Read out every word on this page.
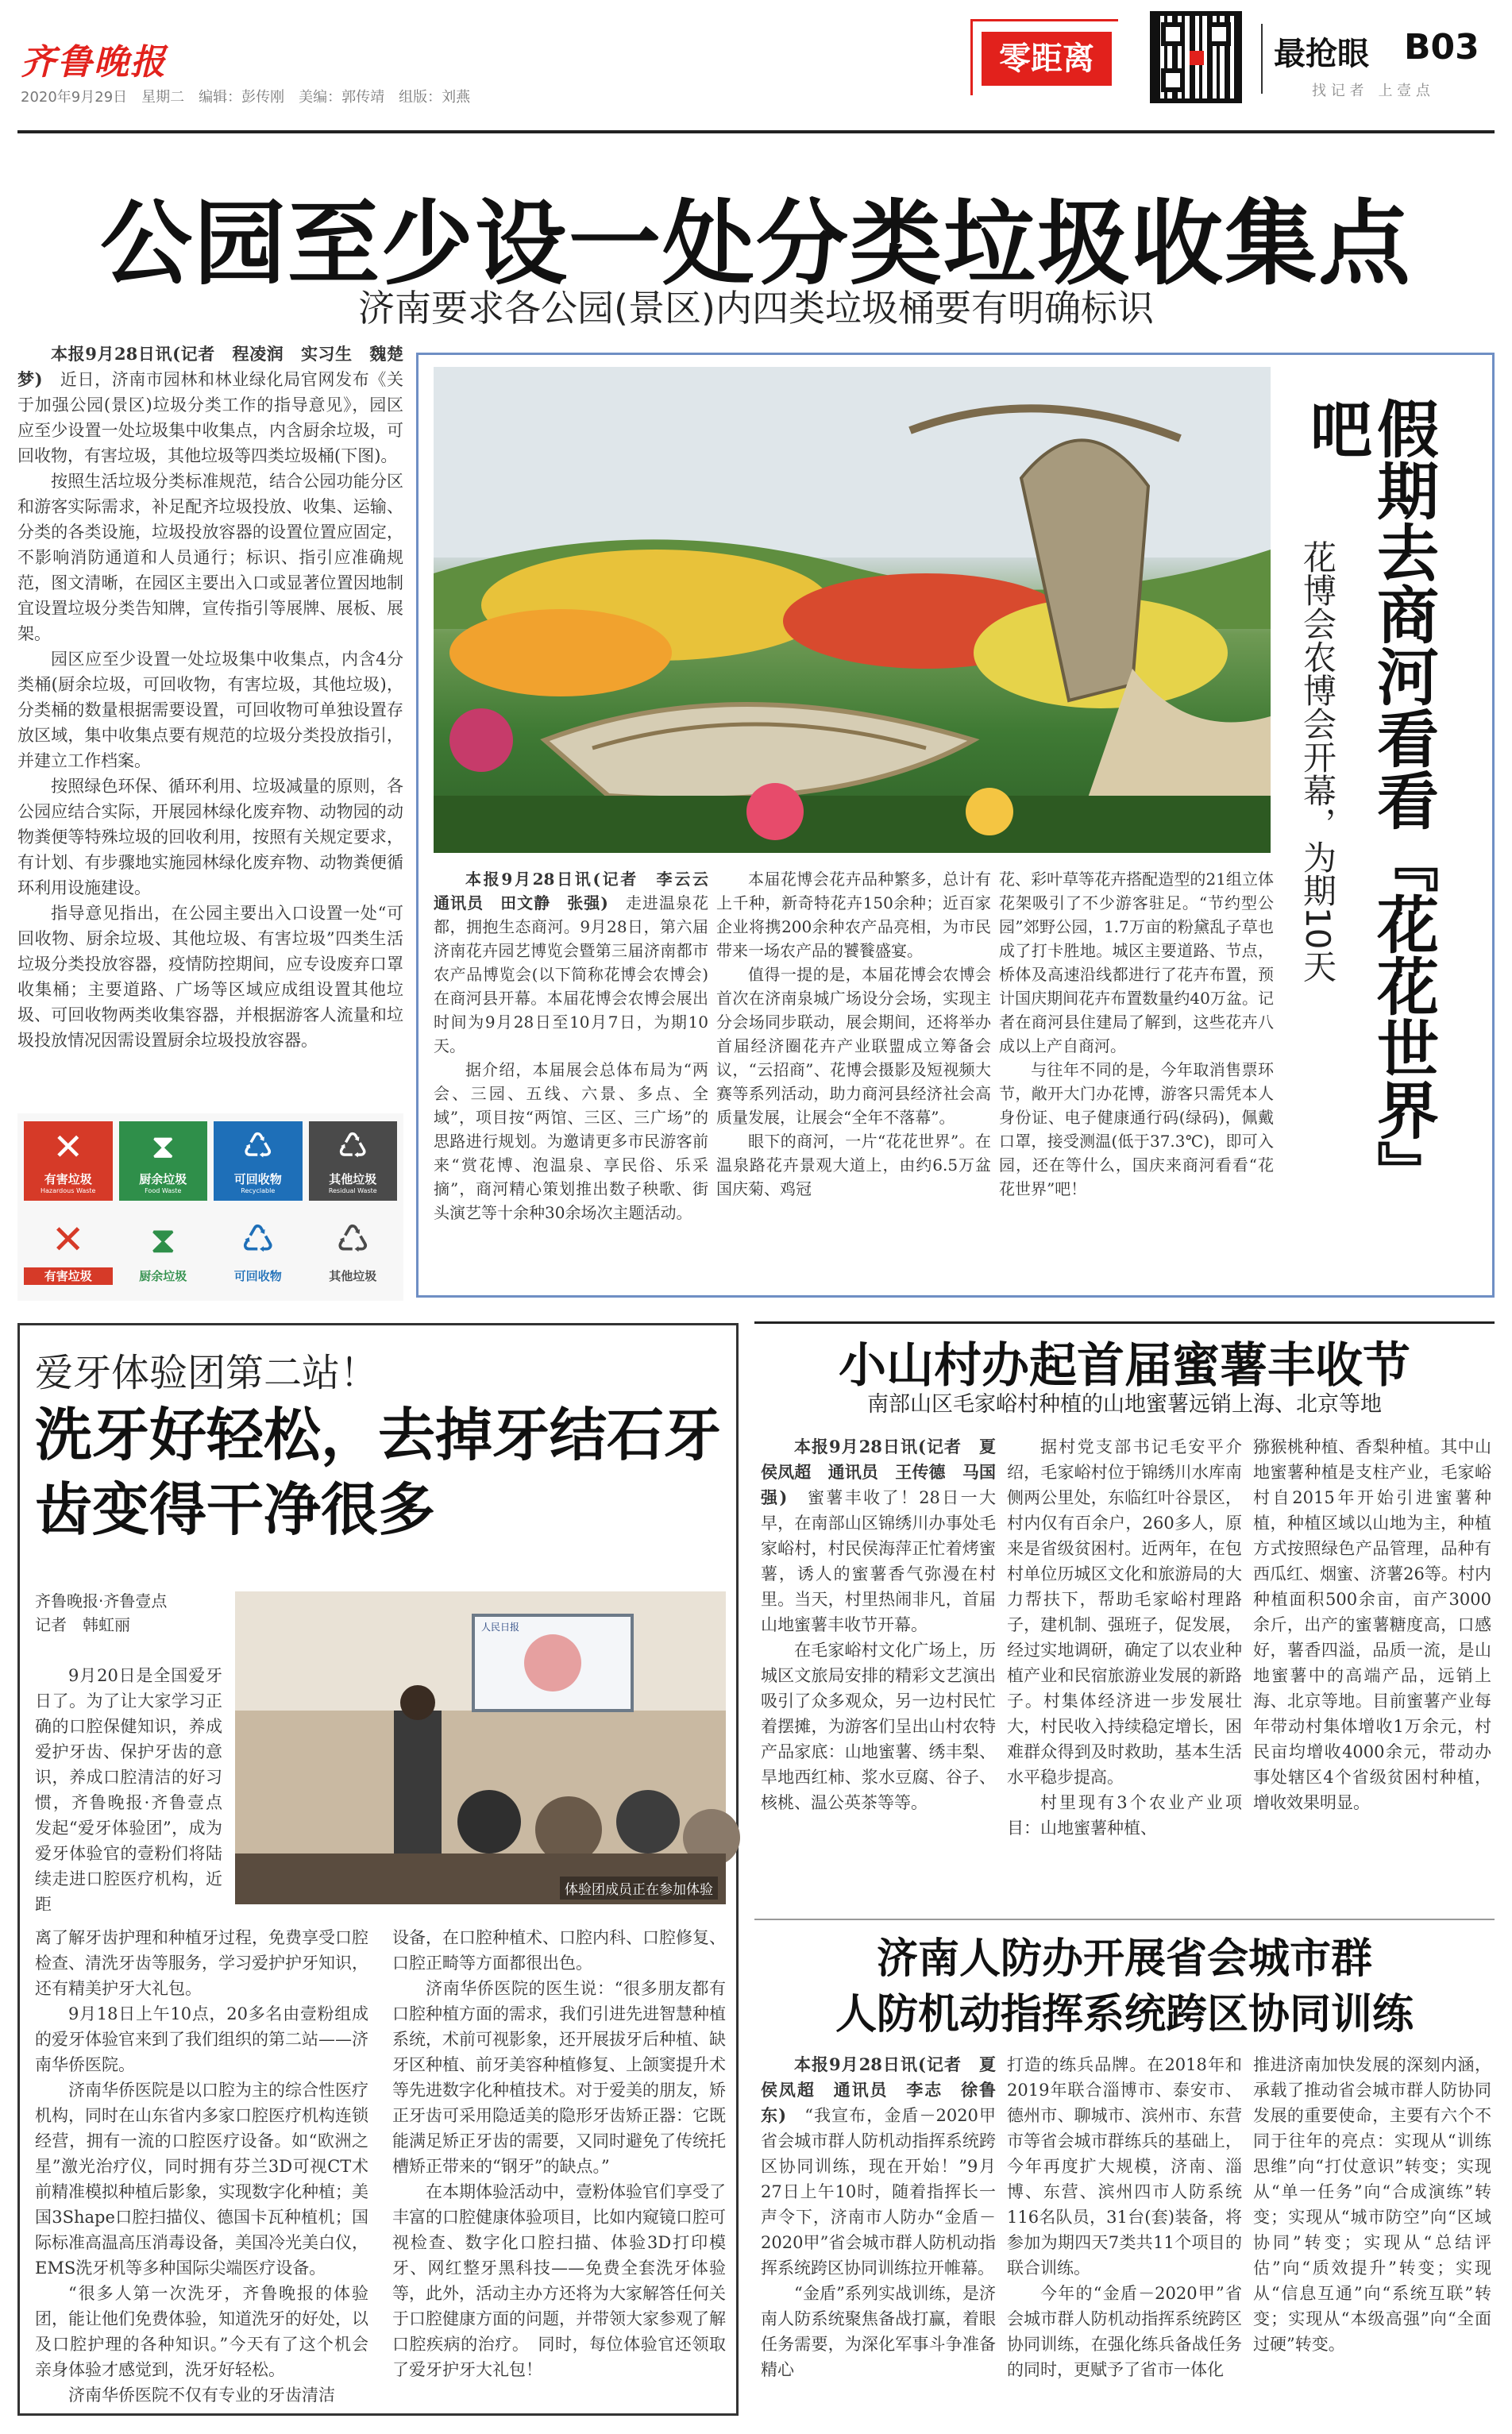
齐鲁晚报
2020年9月29日　星期二　编辑：彭传刚　美编：郭传靖　组版：刘燕
零距离	最抢眼 B03
找 记 者　上 壹 点
公园至少设一处分类垃圾收集点
济南要求各公园(景区)内四类垃圾桶要有明确标识

本报9月28日讯(记者　程凌润　实习生　魏楚梦)　 近日，济南市园林和林业绿化局官网发布《关于加强公园(景区)垃圾分类工作的指导意见》，园区应至少设置一处垃圾集中收集点，内含厨余垃圾，可回收物，有害垃圾，其他垃圾等四类垃圾桶(下图)。

按照生活垃圾分类标准规范，结合公园功能分区和游客实际需求，补足配齐垃圾投放、收集、运输、分类的各类设施，垃圾投放容器的设置位置应固定，不影响消防通道和人员通行；标识、指引应准确规范，图文清晰，在园区主要出入口或显著位置因地制宜设置垃圾分类告知牌，宣传指引等展牌、展板、展架。

园区应至少设置一处垃圾集中收集点，内含4分类桶(厨余垃圾，可回收物，有害垃圾，其他垃圾)，分类桶的数量根据需要设置，可回收物可单独设置存放区域，集中收集点要有规范的垃圾分类投放指引，并建立工作档案。

按照绿色环保、循环利用、垃圾减量的原则，各公园应结合实际，开展园林绿化废弃物、动物园的动物粪便等特殊垃圾的回收利用，按照有关规定要求，有计划、有步骤地实施园林绿化废弃物、动物粪便循环利用设施建设。

指导意见指出，在公园主要出入口设置一处“可回收物、厨余垃圾、其他垃圾、有害垃圾”四类生活垃圾分类投放容器，疫情防控期间，应专设废弃口罩收集桶；主要道路、广场等区域应成组设置其他垃圾、可回收物两类收集容器，并根据游客人流量和垃圾投放情况因需设置厨余垃圾投放容器。

✕
有害垃圾
Hazardous Waste
⧗
厨余垃圾
Food Waste
♺
可回收物
Recyclable
♺
其他垃圾
Residual Waste
✕
有害垃圾
⧗
厨余垃圾
♺
可回收物
♺
其他垃圾
假期去商河看看『花花世界』吧
花博会农博会开幕，为期10天

本报9月28日讯(记者　李云云　通讯员　田文静　张强)　 走进温泉花都，拥抱生态商河。9月28日，第六届济南花卉园艺博览会暨第三届济南都市农产品博览会(以下简称花博会农博会)在商河县开幕。本届花博会农博会展出时间为9月28日至10月7日，为期10天。

据介绍，本届展会总体布局为“两会、三园、五线、六景、多点、全域”，项目按“两馆、三区、三广场”的思路进行规划。为邀请更多市民游客前来“赏花博、泡温泉、享民俗、乐采摘”，商河精心策划推出数子秧歌、街头演艺等十余种30余场次主题活动。

本届花博会花卉品种繁多，总计有上千种，新奇特花卉150余种；近百家企业将携200余种农产品亮相，为市民带来一场农产品的饕餮盛宴。

值得一提的是，本届花博会农博会首次在济南泉城广场设分会场，实现主分会场同步联动，展会期间，还将举办首届经济圈花卉产业联盟成立筹备会议，“云招商”、花博会摄影及短视频大赛等系列活动，助力商河县经济社会高质量发展，让展会“全年不落幕”。

眼下的商河，一片“花花世界”。在温泉路花卉景观大道上，由约6.5万盆国庆菊、鸡冠

花、彩叶草等花卉搭配造型的21组立体花架吸引了不少游客驻足。“节约型公园”郊野公园，1.7万亩的粉黛乱子草也成了打卡胜地。城区主要道路、节点，桥体及高速沿线都进行了花卉布置，预计国庆期间花卉布置数量约40万盆。记者在商河县住建局了解到，这些花卉八成以上产自商河。

与往年不同的是，今年取消售票环节，敞开大门办花博，游客只需凭本人身份证、电子健康通行码(绿码)，佩戴口罩，接受测温(低于37.3℃)，即可入园，还在等什么，国庆来商河看看“花花世界”吧！

爱牙体验团第二站！
洗牙好轻松，去掉牙结石牙齿变得干净很多
齐鲁晚报·齐鲁壹点
记者　韩虹丽

9月20日是全国爱牙日了。为了让大家学习正确的口腔保健知识，养成爱护牙齿、保护牙齿的意识，养成口腔清洁的好习惯，齐鲁晚报·齐鲁壹点发起“爱牙体验团”，成为爱牙体验官的壹粉们将陆续走进口腔医疗机构，近距

人民日报
体验团成员正在参加体验

离了解牙齿护理和种植牙过程，免费享受口腔检查、清洗牙齿等服务，学习爱护护牙知识，还有精美护牙大礼包。

9月18日上午10点，20多名由壹粉组成的爱牙体验官来到了我们组织的第二站——济南华侨医院。

济南华侨医院是以口腔为主的综合性医疗机构，同时在山东省内多家口腔医疗机构连锁经营，拥有一流的口腔医疗设备。如“欧洲之星”激光治疗仪，同时拥有芬兰3D可视CT术前精准模拟种植后影象，实现数字化种植；美国3Shape口腔扫描仪、德国卡瓦种植机；国际标准高温高压消毒设备，美国冷光美白仪，EMS洗牙机等多种国际尖端医疗设备。

“很多人第一次洗牙，齐鲁晚报的体验团，能让他们免费体验，知道洗牙的好处，以及口腔护理的各种知识。”今天有了这个机会亲身体验才感觉到，洗牙好轻松。

济南华侨医院不仅有专业的牙齿清洁

设备，在口腔种植术、口腔内科、口腔修复、口腔正畸等方面都很出色。

济南华侨医院的医生说：“很多朋友都有口腔种植方面的需求，我们引进先进智慧种植系统，术前可视影象，还开展拔牙后种植、缺牙区种植、前牙美容种植修复、上颌窦提升术等先进数字化种植技术。对于爱美的朋友，矫正牙齿可采用隐适美的隐形牙齿矫正器：它既能满足矫正牙齿的需要，又同时避免了传统托槽矫正带来的“钢牙”的缺点。”

在本期体验活动中，壹粉体验官们享受了丰富的口腔健康体验项目，比如内窥镜口腔可视检查、数字化口腔扫描、体验3D打印模牙、网红整牙黑科技——免费全套洗牙体验等，此外，活动主办方还将为大家解答任何关于口腔健康方面的问题，并带领大家参观了解口腔疾病的治疗。　同时，每位体验官还领取了爱牙护牙大礼包！

小山村办起首届蜜薯丰收节
南部山区毛家峪村种植的山地蜜薯远销上海、北京等地

本报9月28日讯(记者　夏侯凤超　通讯员　王传德　马国强)　 蜜薯丰收了！28日一大早，在南部山区锦绣川办事处毛家峪村，村民侯海萍正忙着烤蜜薯，诱人的蜜薯香气弥漫在村里。当天，村里热闹非凡，首届山地蜜薯丰收节开幕。

在毛家峪村文化广场上，历城区文旅局安排的精彩文艺演出吸引了众多观众，另一边村民忙着摆摊，为游客们呈出山村农特产品家底：山地蜜薯、绣丰梨、旱地西红柿、浆水豆腐、谷子、核桃、温公英茶等等。

据村党支部书记毛安平介绍，毛家峪村位于锦绣川水库南侧两公里处，东临红叶谷景区，村内仅有百余户，260多人，原来是省级贫困村。近两年，在包村单位历城区文化和旅游局的大力帮扶下，帮助毛家峪村理路子，建机制、强班子，促发展，经过实地调研，确定了以农业种植产业和民宿旅游业发展的新路子。村集体经济进一步发展壮大，村民收入持续稳定增长，困难群众得到及时救助，基本生活水平稳步提高。

村里现有3个农业产业项目：山地蜜薯种植、

猕猴桃种植、香梨种植。其中山地蜜薯种植是支柱产业，毛家峪村自2015年开始引进蜜薯种植，种植区域以山地为主，种植方式按照绿色产品管理，品种有西瓜红、烟蜜、济薯26等。村内种植面积500余亩，亩产3000余斤，出产的蜜薯糖度高，口感好，薯香四溢，品质一流，是山地蜜薯中的高端产品，远销上海、北京等地。目前蜜薯产业每年带动村集体增收1万余元，村民亩均增收4000余元，带动办事处辖区4个省级贫困村种植，增收效果明显。

济南人防办开展省会城市群
人防机动指挥系统跨区协同训练

本报9月28日讯(记者　夏侯凤超　通讯员　李志　徐鲁东)　 “我宣布，金盾－2020甲省会城市群人防机动指挥系统跨区协同训练，现在开始！”9月27日上午10时，随着指挥长一声令下，济南市人防办“金盾－2020甲”省会城市群人防机动指挥系统跨区协同训练拉开帷幕。

“金盾”系列实战训练，是济南人防系统聚焦备战打赢，着眼任务需要，为深化军事斗争准备精心

打造的练兵品牌。在2018年和2019年联合淄博市、泰安市、德州市、聊城市、滨州市、东营市等省会城市群练兵的基础上，今年再度扩大规模，济南、淄博、东营、滨州四市人防系统116名队员，31台(套)装备，将参加为期四天7类共11个项目的联合训练。

今年的“金盾－2020甲”省会城市群人防机动指挥系统跨区协同训练，在强化练兵备战任务的同时，更赋予了省市一体化

推进济南加快发展的深刻内涵，承载了推动省会城市群人防协同发展的重要使命，主要有六个不同于往年的亮点：实现从“训练思维”向“打仗意识”转变；实现从“单一任务”向“合成演练”转变；实现从“城市防空”向“区域协同”转变；实现从“总结评估”向“质效提升”转变；实现从“信息互通”向“系统互联”转变；实现从“本级高强”向“全面过硬”转变。
